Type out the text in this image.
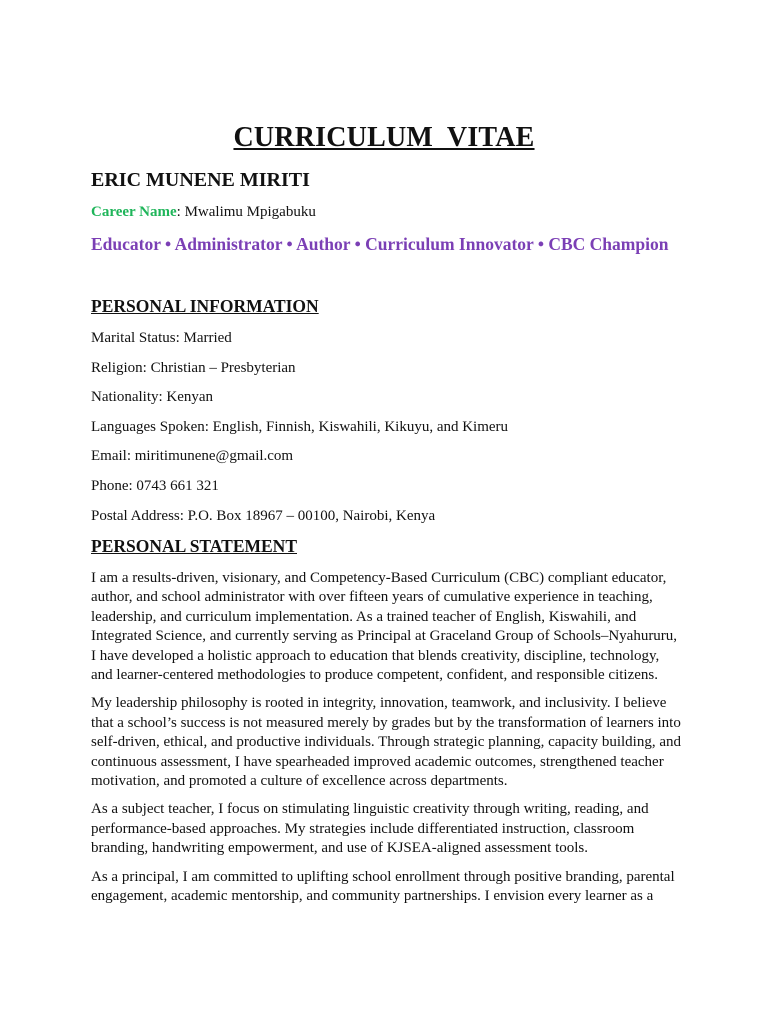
CURRICULUM  VITAE
ERIC MUNENE MIRITI

Career Name: Mwalimu Mpigabuku

Educator • Administrator • Author • Curriculum Innovator • CBC Champion

PERSONAL INFORMATION
Marital Status: Married
Religion: Christian – Presbyterian
Nationality: Kenyan
Languages Spoken: English, Finnish, Kiswahili, Kikuyu, and Kimeru
Email: miritimunene@gmail.com
Phone: 0743 661 321
Postal Address: P.O. Box 18967 – 00100, Nairobi, Kenya
PERSONAL STATEMENT

I am a results-driven, visionary, and Competency-Based Curriculum (CBC) compliant educator, author, and school administrator with over fifteen years of cumulative experience in teaching, leadership, and curriculum implementation. As a trained teacher of English, Kiswahili, and Integrated Science, and currently serving as Principal at Graceland Group of Schools–Nyahururu, I have developed a holistic approach to education that blends creativity, discipline, technology, and learner-centered methodologies to produce competent, confident, and responsible citizens.

My leadership philosophy is rooted in integrity, innovation, teamwork, and inclusivity. I believe that a school’s success is not measured merely by grades but by the transformation of learners into self-driven, ethical, and productive individuals. Through strategic planning, capacity building, and continuous assessment, I have spearheaded improved academic outcomes, strengthened teacher motivation, and promoted a culture of excellence across departments.

As a subject teacher, I focus on stimulating linguistic creativity through writing, reading, and performance-based approaches. My strategies include differentiated instruction, classroom branding, handwriting empowerment, and use of KJSEA-aligned assessment tools.

As a principal, I am committed to uplifting school enrollment through positive branding, parental engagement, academic mentorship, and community partnerships. I envision every learner as a
